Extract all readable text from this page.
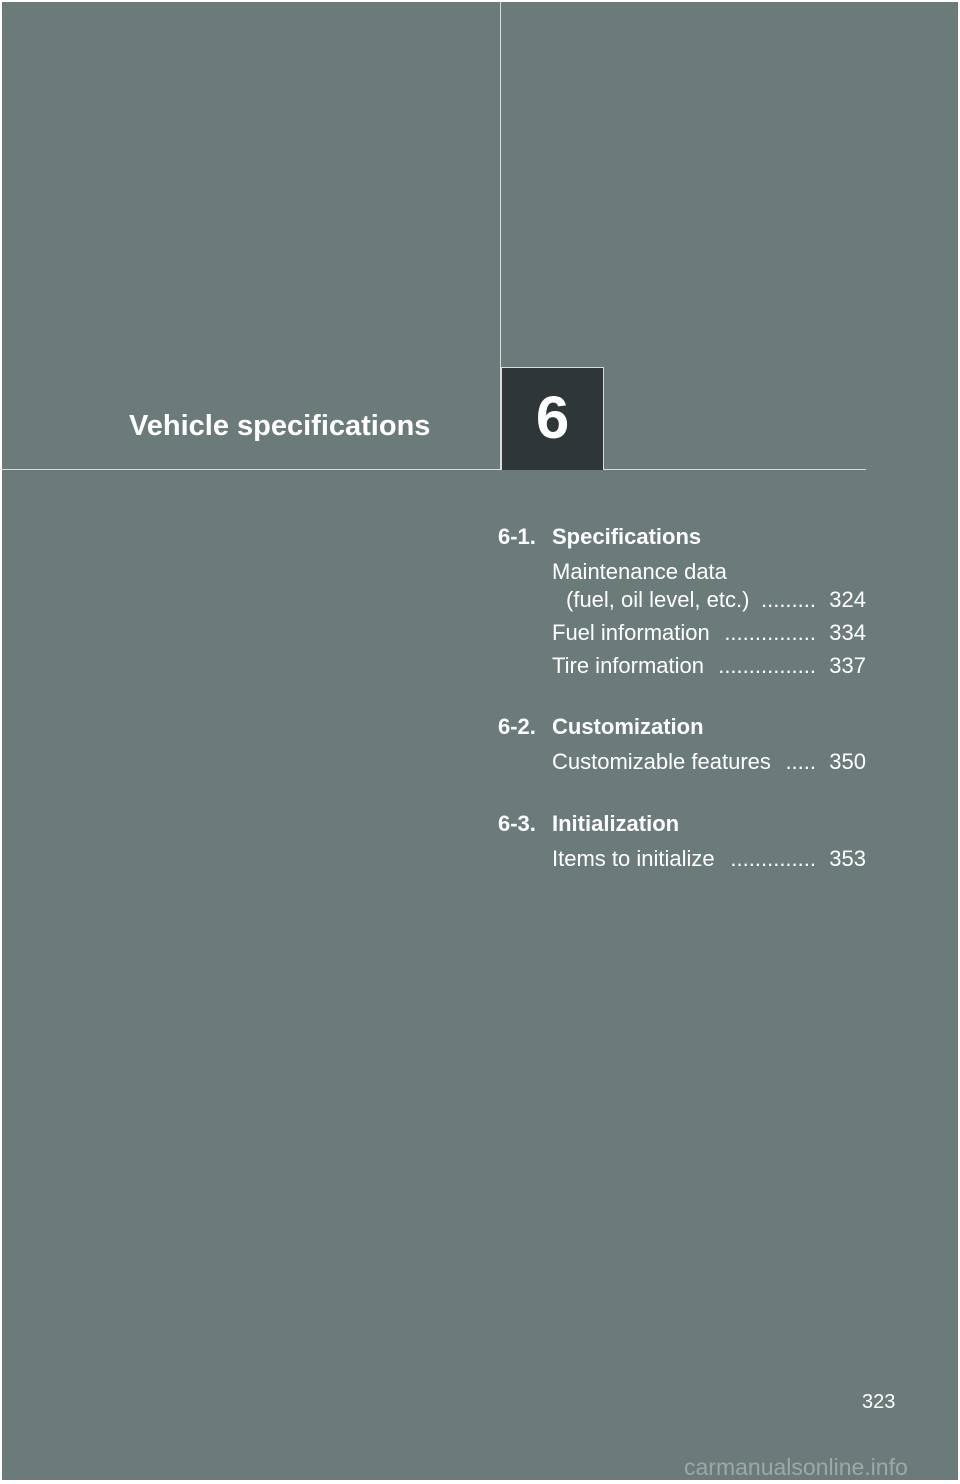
Vehicle specifications	6
6-1. Specifications
Maintenance data
(fuel, oil level, etc.) ......... 324
Fuel information ............... 334
Tire information ................ 337
6-2. Customization
Customizable features ..... 350
6-3. Initialization
Items to initialize .............. 353
323
carmanualsonline.info
